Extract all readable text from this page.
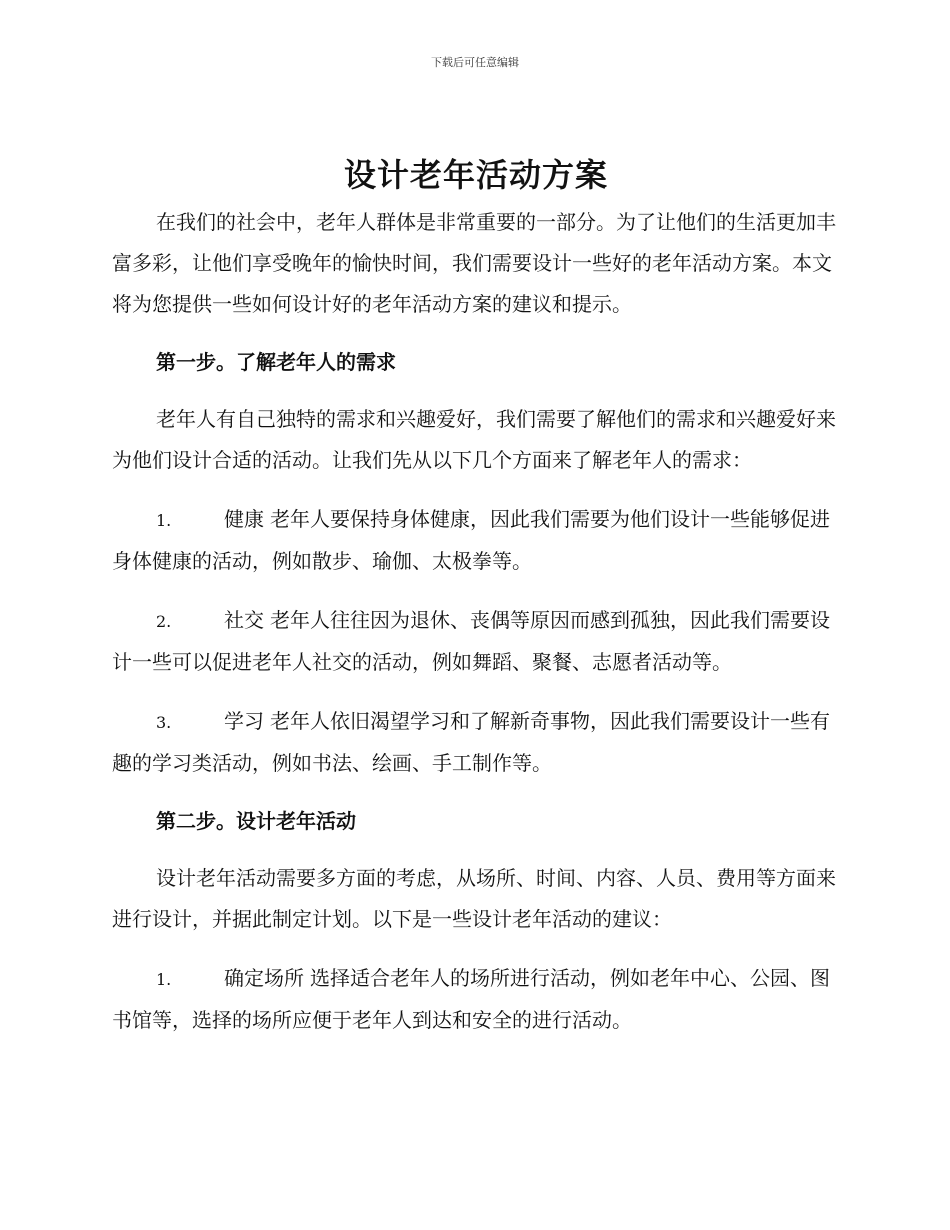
下载后可任意编辑
设计老年活动方案

在我们的社会中，老年人群体是非常重要的一部分。为了让他们的生活更加丰富多彩，让他们享受晚年的愉快时间，我们需要设计一些好的老年活动方案。本文将为您提供一些如何设计好的老年活动方案的建议和提示。

第一步。了解老年人的需求

老年人有自己独特的需求和兴趣爱好，我们需要了解他们的需求和兴趣爱好来为他们设计合适的活动。让我们先从以下几个方面来了解老年人的需求：

1.	健康 老年人要保持身体健康，因此我们需要为他们设计一些能够促进身体健康的活动，例如散步、瑜伽、太极拳等。

2.	社交 老年人往往因为退休、丧偶等原因而感到孤独，因此我们需要设计一些可以促进老年人社交的活动，例如舞蹈、聚餐、志愿者活动等。

3.	学习 老年人依旧渴望学习和了解新奇事物，因此我们需要设计一些有趣的学习类活动，例如书法、绘画、手工制作等。

第二步。设计老年活动

设计老年活动需要多方面的考虑，从场所、时间、内容、人员、费用等方面来进行设计，并据此制定计划。以下是一些设计老年活动的建议：

1.	确定场所 选择适合老年人的场所进行活动，例如老年中心、公园、图书馆等，选择的场所应便于老年人到达和安全的进行活动。
